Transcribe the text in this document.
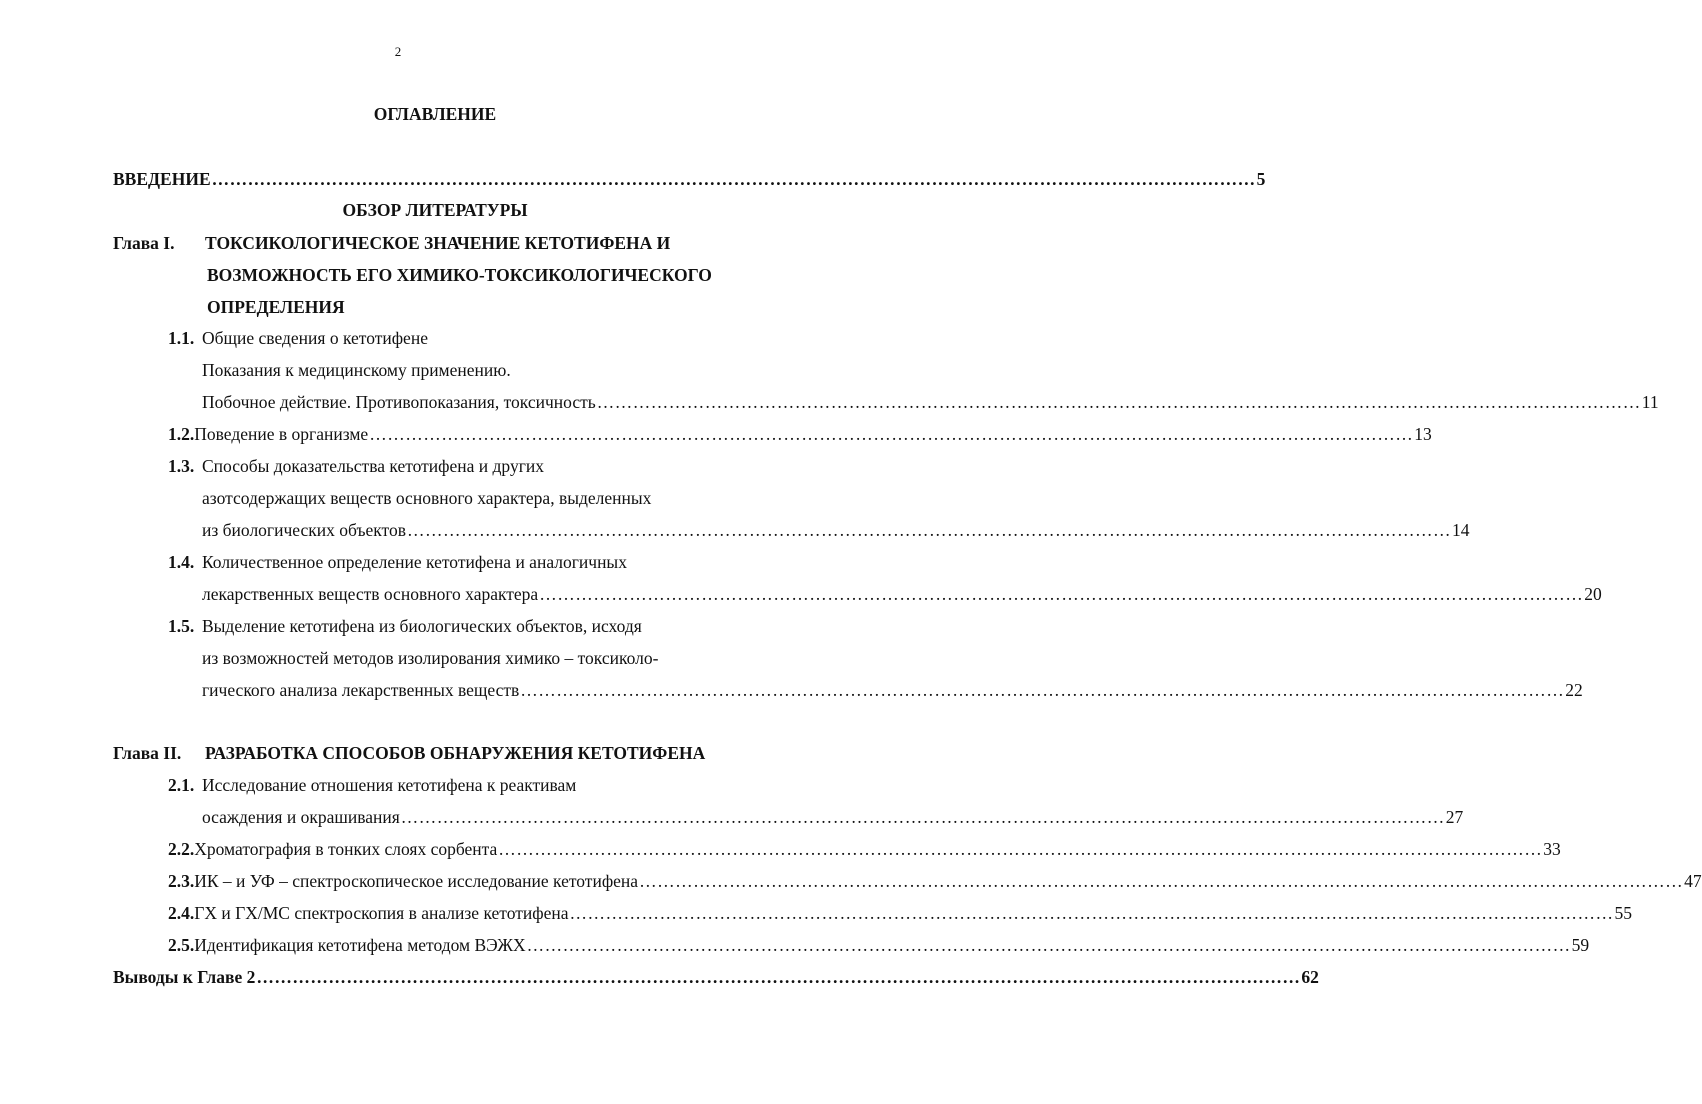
2
ОГЛАВЛЕНИЕ
ВВЕДЕНИЕ ………………………………………………………………………………………………………………………………………………………… 5
ОБЗОР ЛИТЕРАТУРЫ
Глава I. ТОКСИКОЛОГИЧЕСКОЕ ЗНАЧЕНИЕ КЕТОТИФЕНА И
ВОЗМОЖНОСТЬ ЕГО ХИМИКО-ТОКСИКОЛОГИЧЕСКОГО
ОПРЕДЕЛЕНИЯ
1.1. Общие сведения о кетотифене
Показания к медицинскому применению.
Побочное действие. Противопоказания, токсичность ………………………………………………………………………………………………………………………………………………………… 11
1.2. Поведение в организме ………………………………………………………………………………………………………………………………………………………… 13
1.3. Способы доказательства кетотифена и других
азотсодержащих веществ основного характера, выделенных
из биологических объектов ………………………………………………………………………………………………………………………………………………………… 14
1.4. Количественное определение кетотифена и аналогичных
лекарственных веществ основного характера ………………………………………………………………………………………………………………………………………………………… 20
1.5. Выделение кетотифена из биологических объектов, исходя
из возможностей методов изолирования химико – токсиколо-
гического анализа лекарственных веществ ………………………………………………………………………………………………………………………………………………………… 22
Глава II. РАЗРАБОТКА СПОСОБОВ ОБНАРУЖЕНИЯ КЕТОТИФЕНА
2.1. Исследование отношения кетотифена к реактивам
осаждения и окрашивания ………………………………………………………………………………………………………………………………………………………… 27
2.2. Хроматография в тонких слоях сорбента ………………………………………………………………………………………………………………………………………………………… 33
2.3. ИК – и УФ – спектроскопическое исследование кетотифена ………………………………………………………………………………………………………………………………………………………… 47
2.4. ГХ и ГХ/МС спектроскопия в анализе кетотифена ………………………………………………………………………………………………………………………………………………………… 55
2.5. Идентификация кетотифена методом ВЭЖХ ………………………………………………………………………………………………………………………………………………………… 59
Выводы к Главе 2 ………………………………………………………………………………………………………………………………………………………… 62
